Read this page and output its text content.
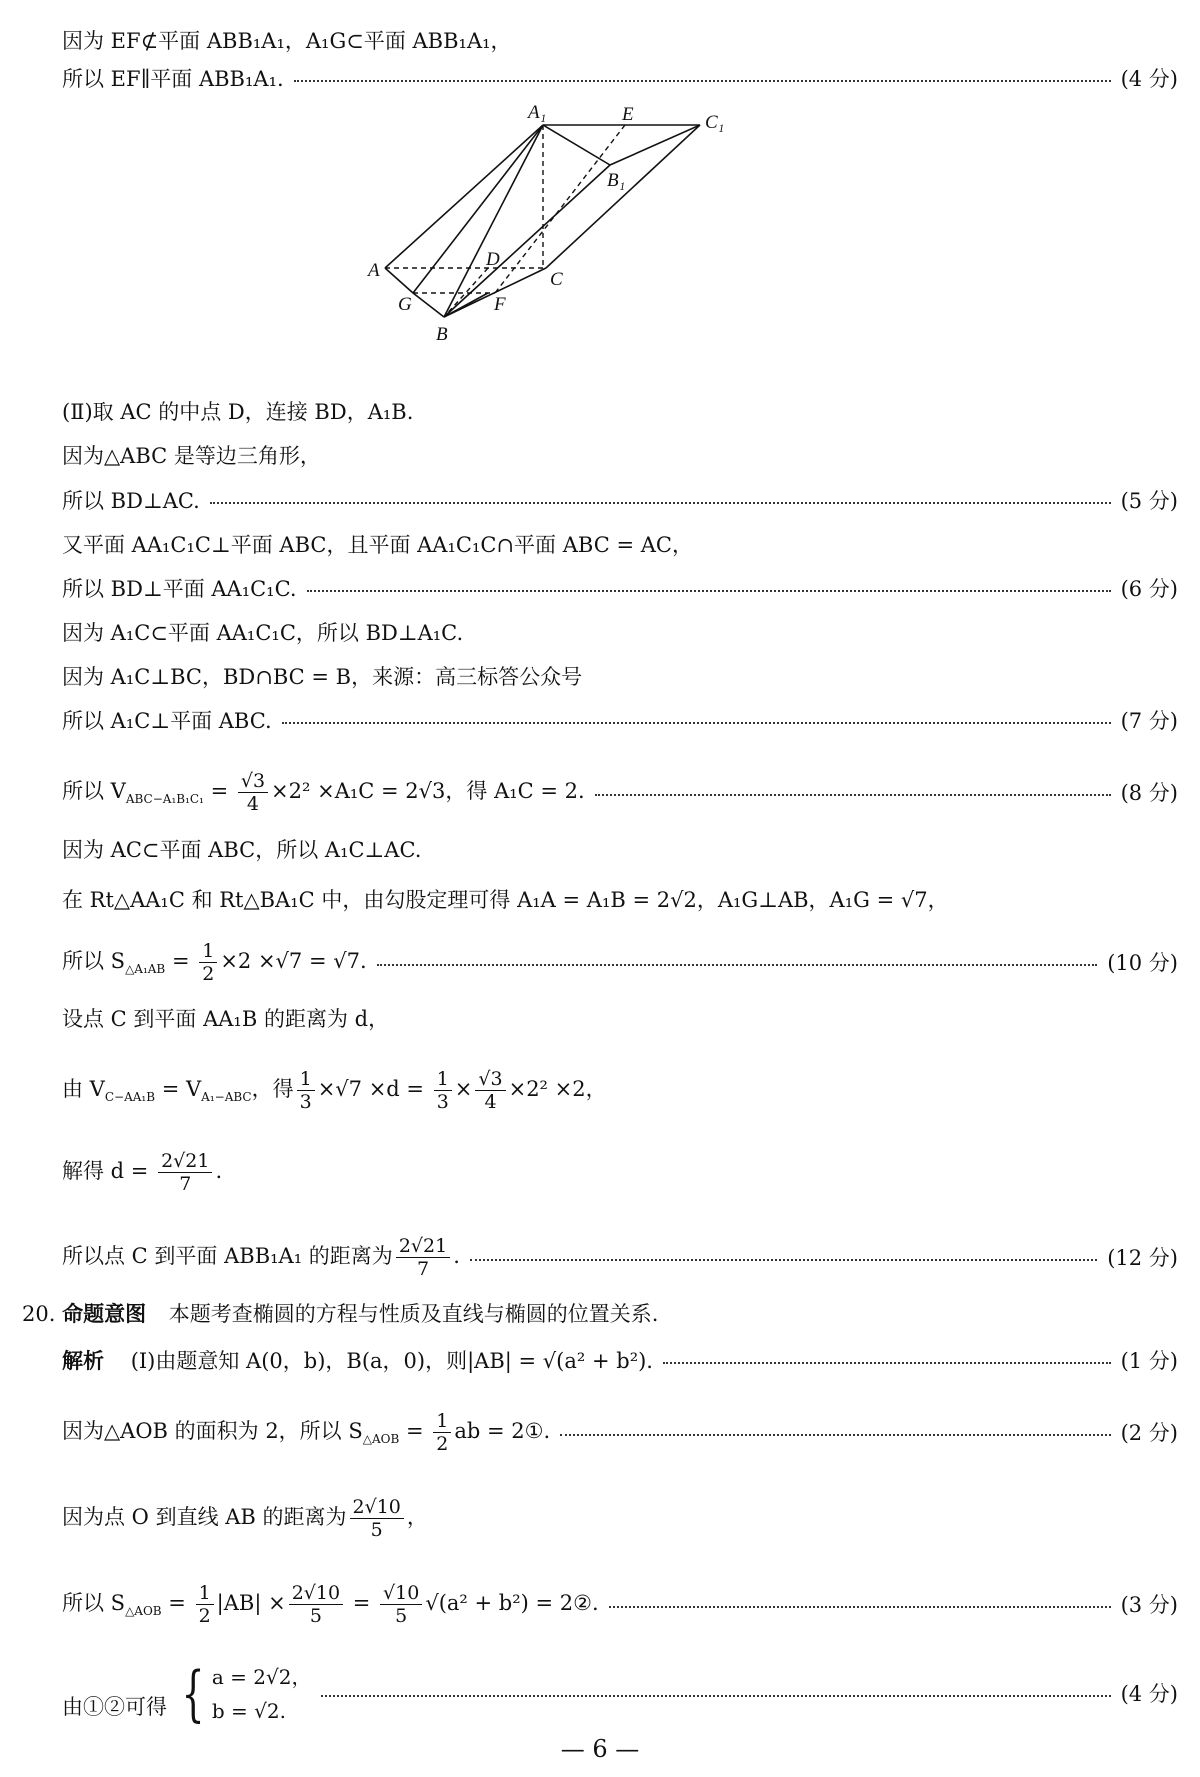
因为 EF⊄平面 ABB₁A₁，A₁G⊂平面 ABB₁A₁，
所以 EF∥平面 ABB₁A₁.	(4 分)
A₁	E	C₁
B₁
A
D
C
G	F
B
(Ⅱ)取 AC 的中点 D，连接 BD，A₁B.
因为△ABC 是等边三角形，
所以 BD⊥AC.	(5 分)
又平面 AA₁C₁C⊥平面 ABC，且平面 AA₁C₁C∩平面 ABC = AC，
所以 BD⊥平面 AA₁C₁C.	(6 分)
因为 A₁C⊂平面 AA₁C₁C，所以 BD⊥A₁C.
因为 A₁C⊥BC，BD∩BC = B，来源：高三标答公众号
所以 A₁C⊥平面 ABC.	(7 分)
所以 $V_{ABC-A_1B_1C_1} = \frac{√3}{4} \times 2^2 \times A_1C = 2√3$，得 A₁C = 2.	(8 分)
因为 AC⊂平面 ABC，所以 A₁C⊥AC.
在 Rt△AA₁C 和 Rt△BA₁C 中，由勾股定理可得 A₁A = A₁B = 2√2，A₁G⊥AB，A₁G = √7，
所以 $S_{\triangle A_1AB} = \frac{1}{2} \times 2 \times√7 = √7$.	(10 分)
设点 C 到平面 AA₁B 的距离为 d，
由 $V_{C-AA_1B} = V_{A_1-ABC}$，得 $\frac{1}{3} \times√7 \times d = \frac{1}{3} \times \frac{√3}{4} \times 2^2 \times 2$，
解得 $d = \frac{2√21}{7}$ .
所以点 C 到平面 ABB₁A₁ 的距离为 $\frac{2√21}{7}$ .	(12 分)
20. 命题意图 本题考查椭圆的方程与性质及直线与椭圆的位置关系.
解析 (Ⅰ)由题意知 A(0，b)，B(a，0)，则|AB| = √(a² + b²).	(1 分)
因为△AOB 的面积为 2，所以 $S_{\triangle AOB} = \frac{1}{2}$ ab = 2①.	(2 分)
因为点 O 到直线 AB 的距离为 $\frac{2√10}{5}$ ，
所以 $S_{\triangle AOB} = \frac{1}{2} |AB| \times \frac{2√10}{5} = \frac{√10}{5} √(a^2 + b^2)$ = 2②.	(3 分)
由①②可得 { a = 2√2，
b = √2.
(4 分)
— 6 —
